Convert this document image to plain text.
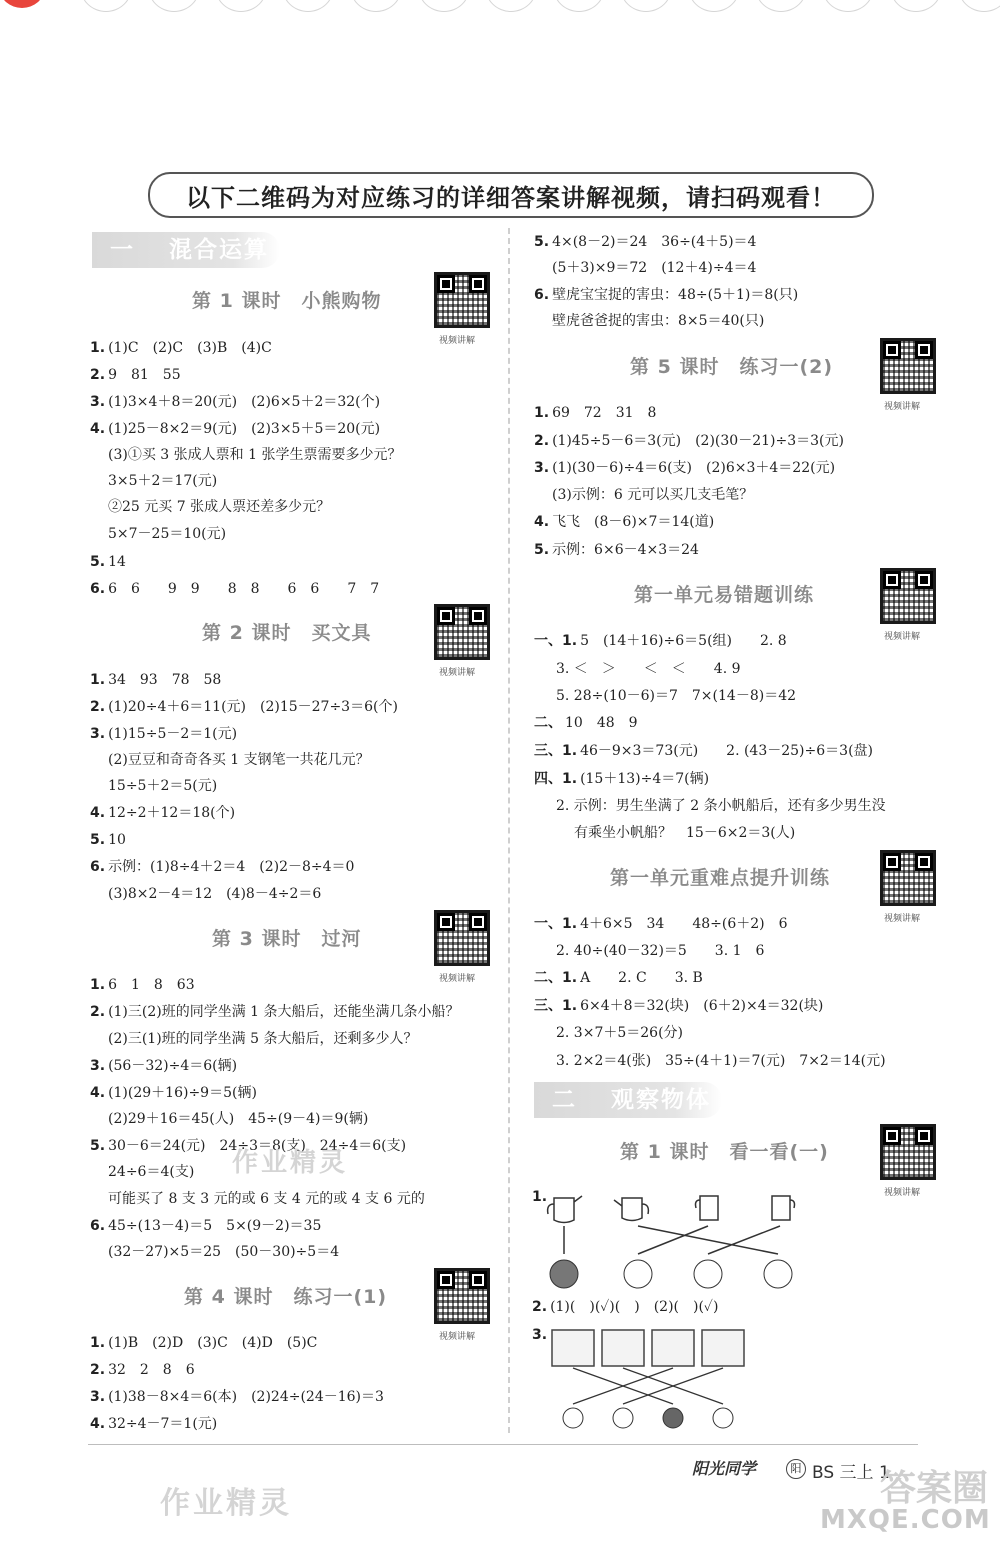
以下二维码为对应练习的详细答案讲解视频，请扫码观看！
一 混合运算
第 1 课时　小熊购物
视频讲解
1. (1)C　(2)C　(3)B　(4)C
2. 9　81　55
3. (1)3×4＋8＝20(元)　(2)6×5＋2＝32(个)
4. (1)25－8×2＝9(元)　(2)3×5＋5＝20(元)
(3)①买 3 张成人票和 1 张学生票需要多少元？
3×5＋2＝17(元)
②25 元买 7 张成人票还差多少元？
5×7－25＝10(元)
5. 14
6. 6　6　　9　9　　8　8　　6　6　　7　7
第 2 课时　买文具
视频讲解
1. 34　93　78　58
2. (1)20÷4＋6＝11(元)　(2)15－27÷3＝6(个)
3. (1)15÷5－2＝1(元)
(2)豆豆和奇奇各买 1 支钢笔一共花几元？
15÷5＋2＝5(元)
4. 12÷2＋12＝18(个)
5. 10
6. 示例：(1)8÷4＋2＝4　(2)2－8÷4＝0
(3)8×2－4＝12　(4)8－4÷2＝6
第 3 课时　过河
视频讲解
1. 6　1　8　63
2. (1)三(2)班的同学坐满 1 条大船后，还能坐满几条小船？
(2)三(1)班的同学坐满 5 条大船后，还剩多少人？
3. (56－32)÷4＝6(辆)
4. (1)(29＋16)÷9＝5(辆)
(2)29＋16＝45(人)　45÷(9－4)＝9(辆)
5. 30－6＝24(元)　24÷3＝8(支)　24÷4＝6(支)
24÷6＝4(支)
可能买了 8 支 3 元的或 6 支 4 元的或 4 支 6 元的
6. 45÷(13－4)＝5　5×(9－2)＝35
(32－27)×5＝25　(50－30)÷5＝4
第 4 课时　练习一(1)
视频讲解
1. (1)B　(2)D　(3)C　(4)D　(5)C
2. 32　2　8　6
3. (1)38－8×4＝6(本)　(2)24÷(24－16)＝3
4. 32÷4－7＝1(元)
5. 4×(8－2)＝24　36÷(4＋5)＝4
(5＋3)×9＝72　(12＋4)÷4＝4
6. 壁虎宝宝捉的害虫：48÷(5＋1)＝8(只)
壁虎爸爸捉的害虫：8×5＝40(只)
第 5 课时　练习一(2)
视频讲解
1. 69　72　31　8
2. (1)45÷5－6＝3(元)　(2)(30－21)÷3＝3(元)
3. (1)(30－6)÷4＝6(支)　(2)6×3＋4＝22(元)
(3)示例：6 元可以买几支毛笔？
4. 飞飞　(8－6)×7＝14(道)
5. 示例：6×6－4×3＝24
第一单元易错题训练
视频讲解
一、1. 5　(14＋16)÷6＝5(组)　　2. 8
3. ＜　＞　　＜　＜　　4. 9
5. 28÷(10－6)＝7　7×(14－8)＝42
二、 10　48　9
三、1. 46－9×3＝73(元)　　2. (43－25)÷6＝3(盘)
四、1. (15＋13)÷4＝7(辆)
2. 示例：男生坐满了 2 条小帆船后，还有多少男生没
有乘坐小帆船？　15－6×2＝3(人)
第一单元重难点提升训练
视频讲解
一、1. 4＋6×5　34　　48÷(6＋2)　6
2. 40÷(40－32)＝5　　3. 1　6
二、1. A　　2. C　　3. B
三、1. 6×4＋8＝32(块)　(6＋2)×4＝32(块)
2. 3×7＋5＝26(分)
3. 2×2＝4(张)　35÷(4＋1)＝7(元)　7×2＝14(元)
二 观察物体
第 1 课时　看一看(一)
视频讲解
1.
2. (1)(　)(✓)(　)　(2)(　)(✓)
3.
阳光同学	阳 BS 三上 1
作业精灵
作业精灵	答案圈
MXQE.COM
